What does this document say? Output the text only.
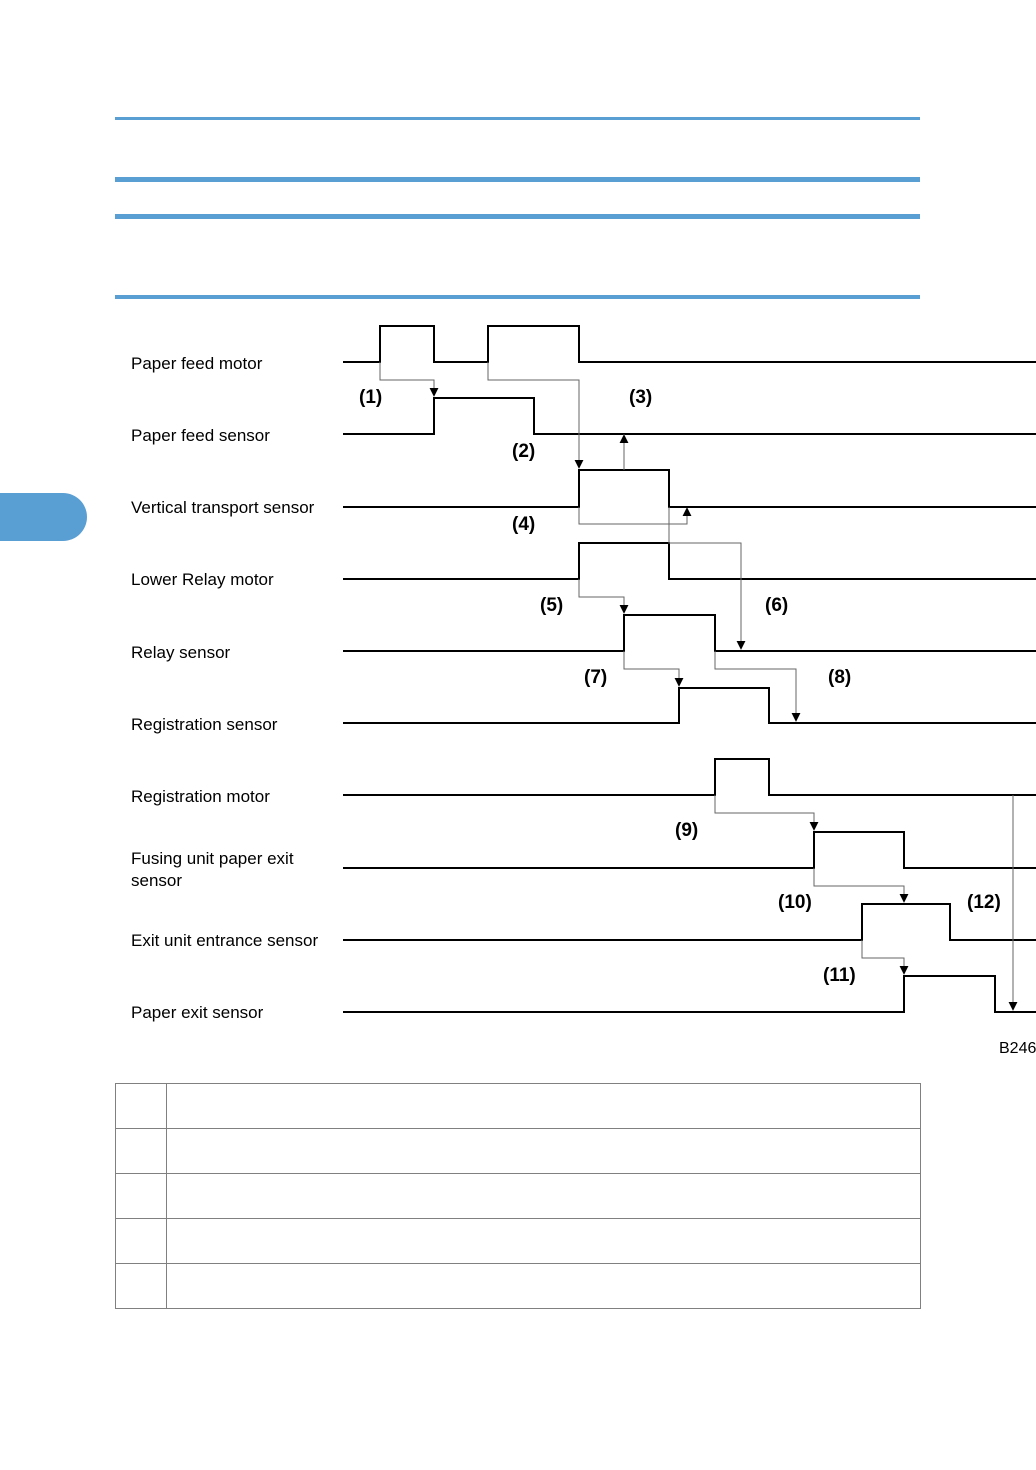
Paper feed motor
Paper feed sensor
Vertical transport sensor
Lower Relay motor
Relay sensor
Registration sensor
Registration motor
Fusing unit paper exit
sensor
Exit unit entrance sensor
Paper exit sensor
(1)
(2)
(3)
(4)
(5)	(6)
(7)	(8)
(9)
(10)	(12)
(11)
B246
